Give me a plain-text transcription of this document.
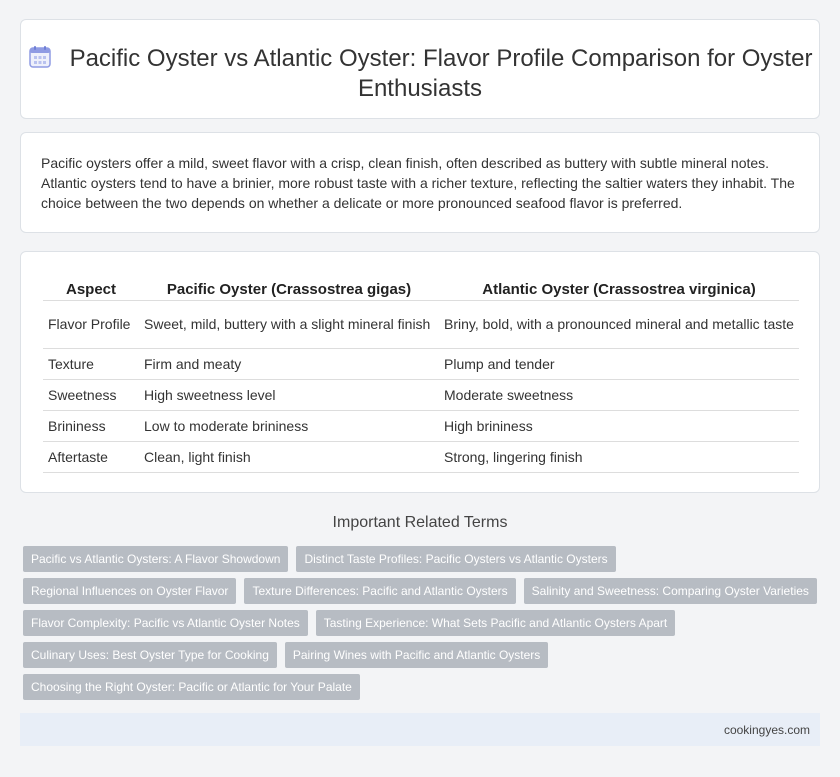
Pacific Oyster vs Atlantic Oyster: Flavor Profile Comparison for Oyster Enthusiasts

Pacific oysters offer a mild, sweet flavor with a crisp, clean finish, often described as buttery with subtle mineral notes. Atlantic oysters tend to have a brinier, more robust taste with a richer texture, reflecting the saltier waters they inhabit. The choice between the two depends on whether a delicate or more pronounced seafood flavor is preferred.

Aspect	Pacific Oyster (Crassostrea gigas)	Atlantic Oyster (Crassostrea virginica)
Flavor Profile	Sweet, mild, buttery with a slight mineral finish	Briny, bold, with a pronounced mineral and metallic taste
Texture	Firm and meaty	Plump and tender
Sweetness	High sweetness level	Moderate sweetness
Brininess	Low to moderate brininess	High brininess
Aftertaste	Clean, light finish	Strong, lingering finish
Important Related Terms
Pacific vs Atlantic Oysters: A Flavor Showdown	Distinct Taste Profiles: Pacific Oysters vs Atlantic Oysters
Regional Influences on Oyster Flavor	Texture Differences: Pacific and Atlantic Oysters	Salinity and Sweetness: Comparing Oyster Varieties
Flavor Complexity: Pacific vs Atlantic Oyster Notes	Tasting Experience: What Sets Pacific and Atlantic Oysters Apart
Culinary Uses: Best Oyster Type for Cooking	Pairing Wines with Pacific and Atlantic Oysters
Choosing the Right Oyster: Pacific or Atlantic for Your Palate
cookingyes.com
